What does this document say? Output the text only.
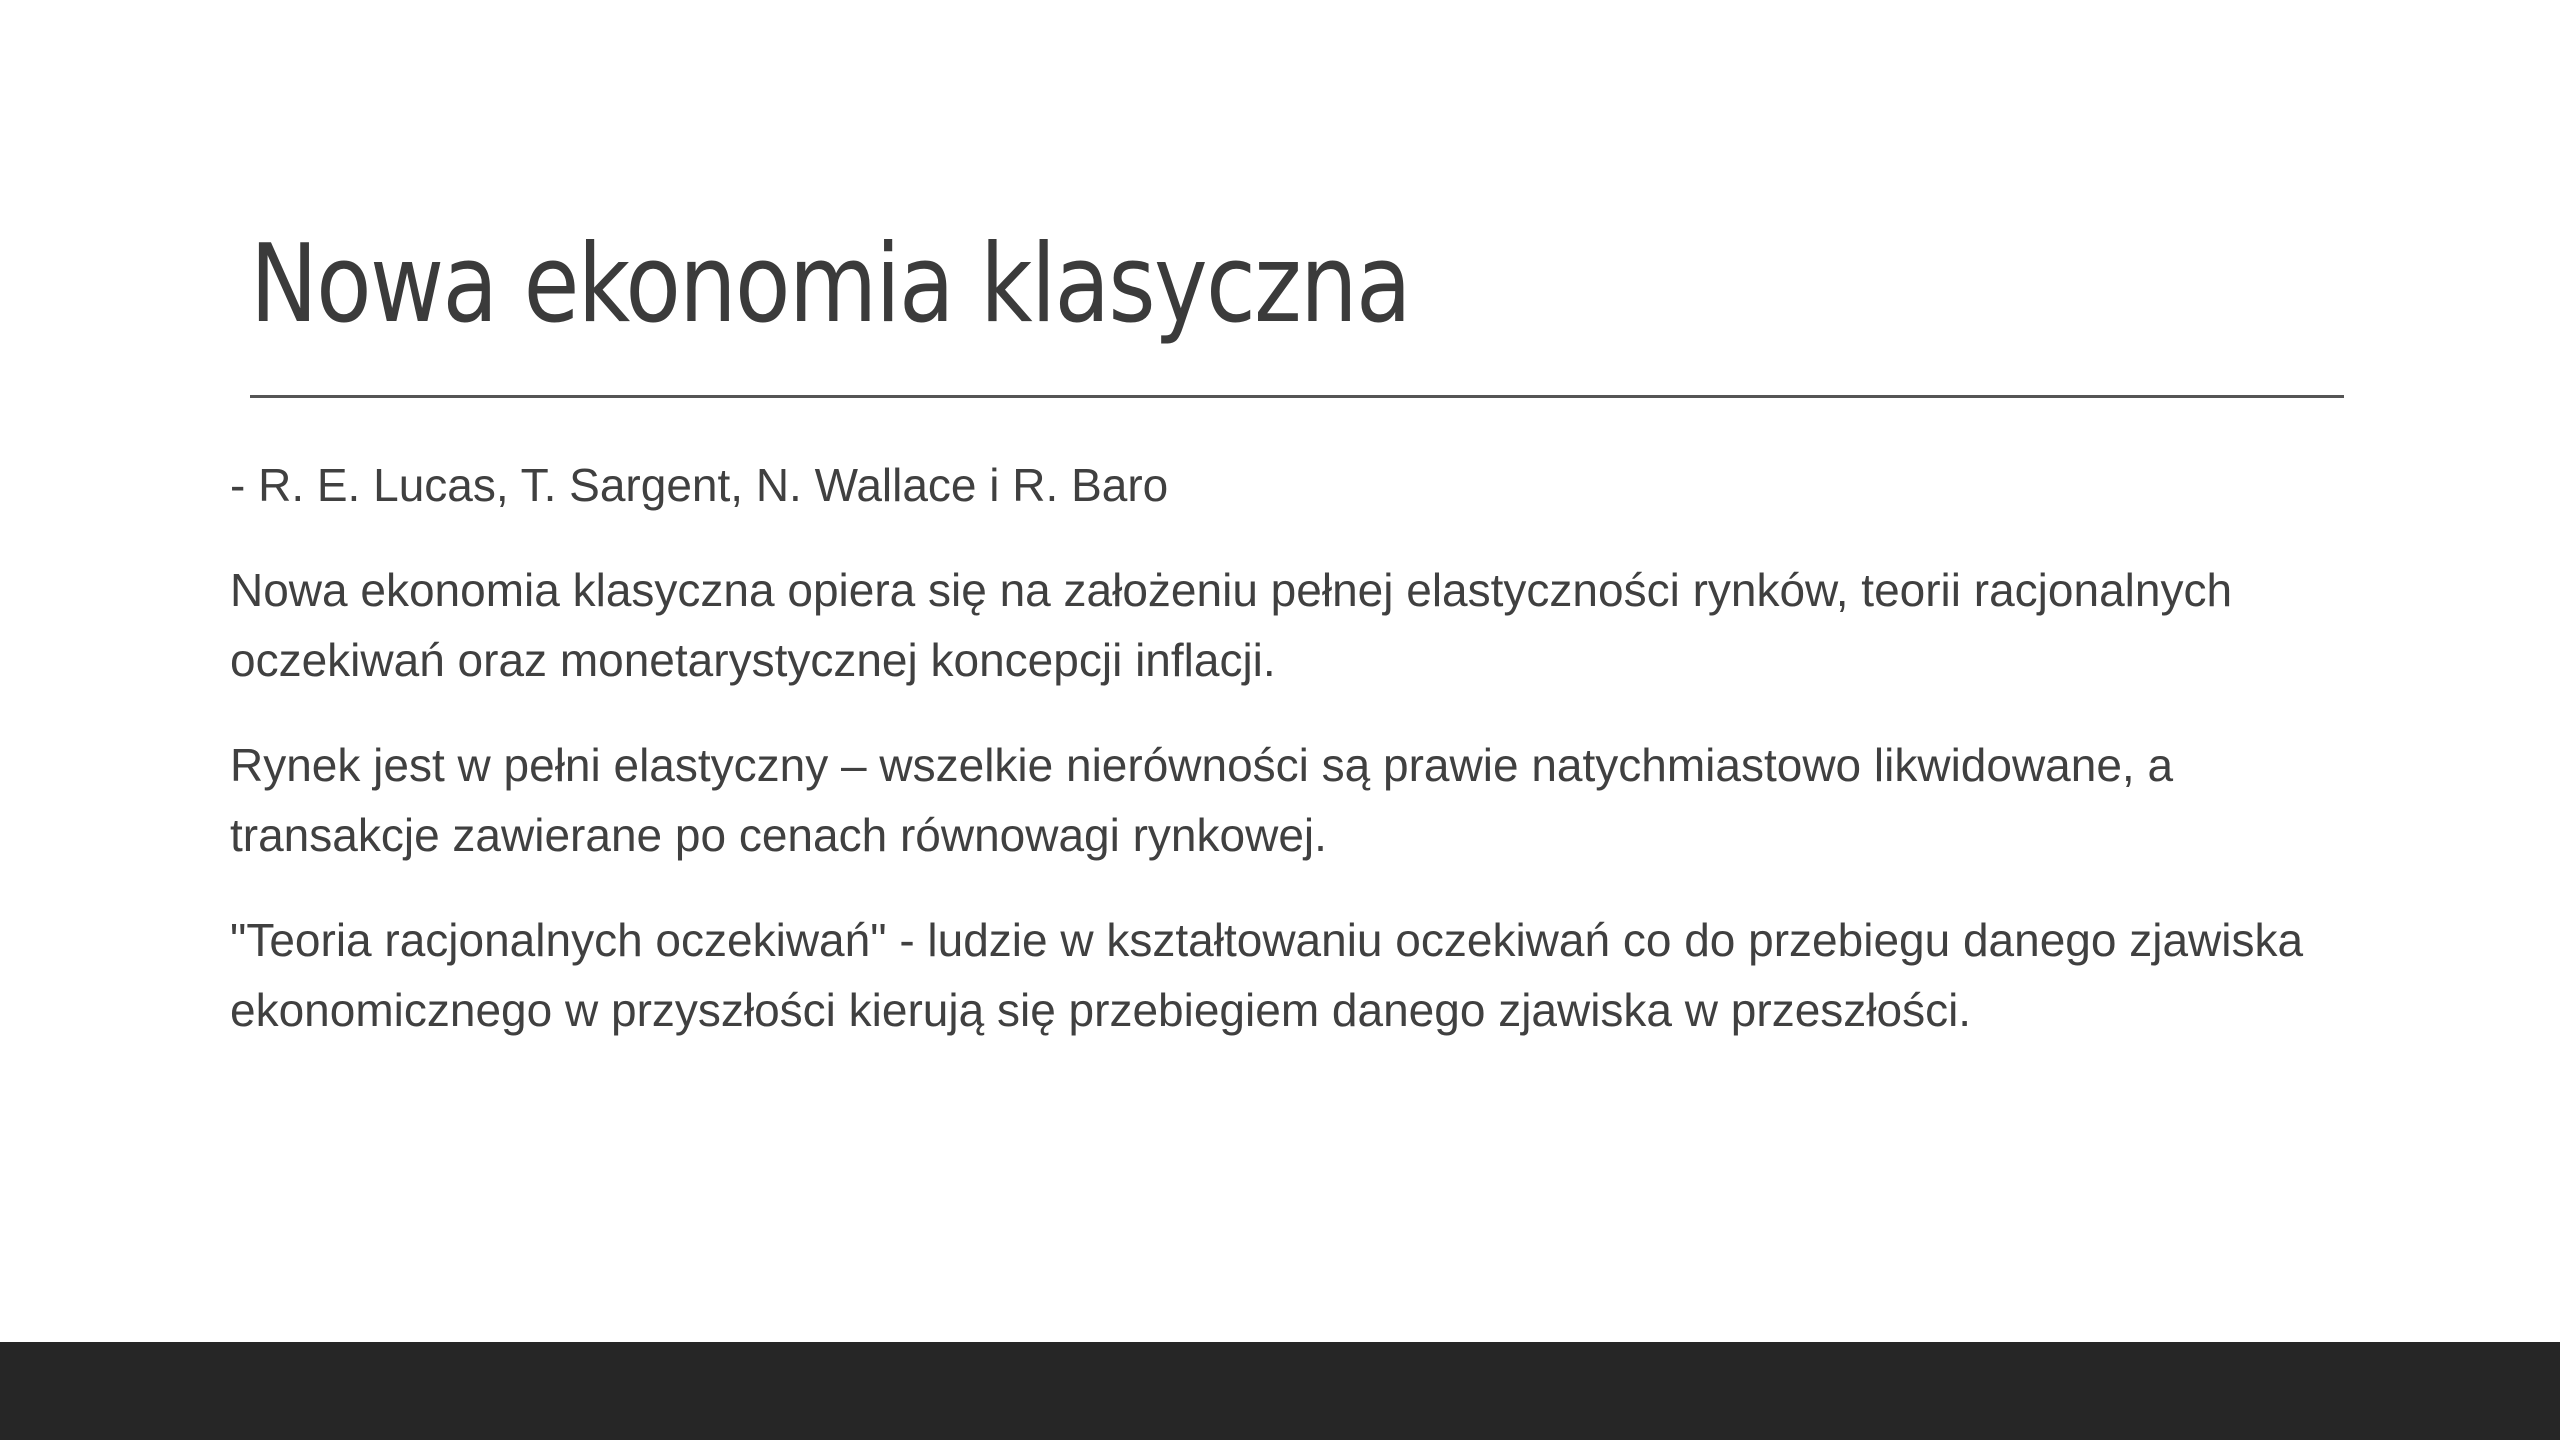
Nowa ekonomia klasyczna

- R. E. Lucas, T. Sargent, N. Wallace i R. Baro

Nowa ekonomia klasyczna opiera się na założeniu pełnej elastyczności rynków, teorii racjonalnych oczekiwań oraz monetarystycznej koncepcji inflacji.

Rynek jest w pełni elastyczny – wszelkie nierówności są prawie natychmiastowo likwidowane, a transakcje zawierane po cenach równowagi rynkowej.

"Teoria racjonalnych oczekiwań" - ludzie w kształtowaniu oczekiwań co do przebiegu danego zjawiska ekonomicznego w przyszłości kierują się przebiegiem danego zjawiska w przeszłości.
